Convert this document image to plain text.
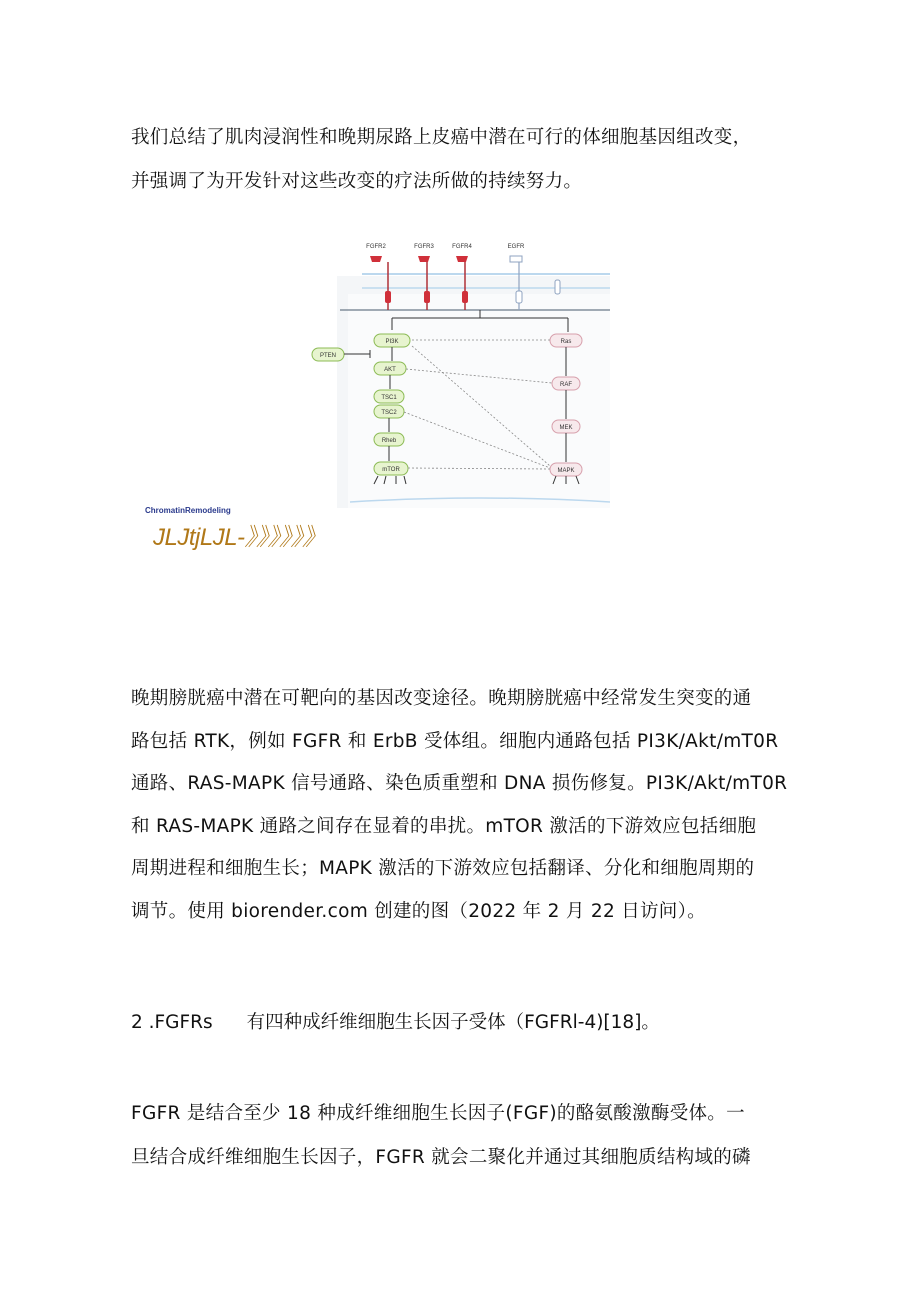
我们总结了肌肉浸润性和晚期尿路上皮癌中潜在可行的体细胞基因组改变，
并强调了为开发针对这些改变的疗法所做的持续努力。
FGFR2	FGFR3	FGFR4	EGFR
PI3K
AKT
TSC1
TSC2
Rheb
mTOR
PTEN
Ras
RAF
MEK
MAPK
ChromatinRemodeling
JLJtjLJL-》》》》》》
晚期膀胱癌中潜在可靶向的基因改变途径。晚期膀胱癌中经常发生突变的通
路包括 RTK，例如 FGFR 和 ErbB 受体组。细胞内通路包括 PI3K/Akt/mT0R
通路、RAS-MAPK 信号通路、染色质重塑和 DNA 损伤修复。PI3K/Akt/mT0R
和 RAS-MAPK 通路之间存在显着的串扰。mTOR 激活的下游效应包括细胞
周期进程和细胞生长；MAPK 激活的下游效应包括翻译、分化和细胞周期的
调节。使用 biorender.com 创建的图（2022 年 2 月 22 日访问）。
2 .FGFRs 有四种成纤维细胞生长因子受体（FGFRl-4)[18]。
FGFR 是结合至少 18 种成纤维细胞生长因子(FGF)的酪氨酸激酶受体。一
旦结合成纤维细胞生长因子，FGFR 就会二聚化并通过其细胞质结构域的磷
